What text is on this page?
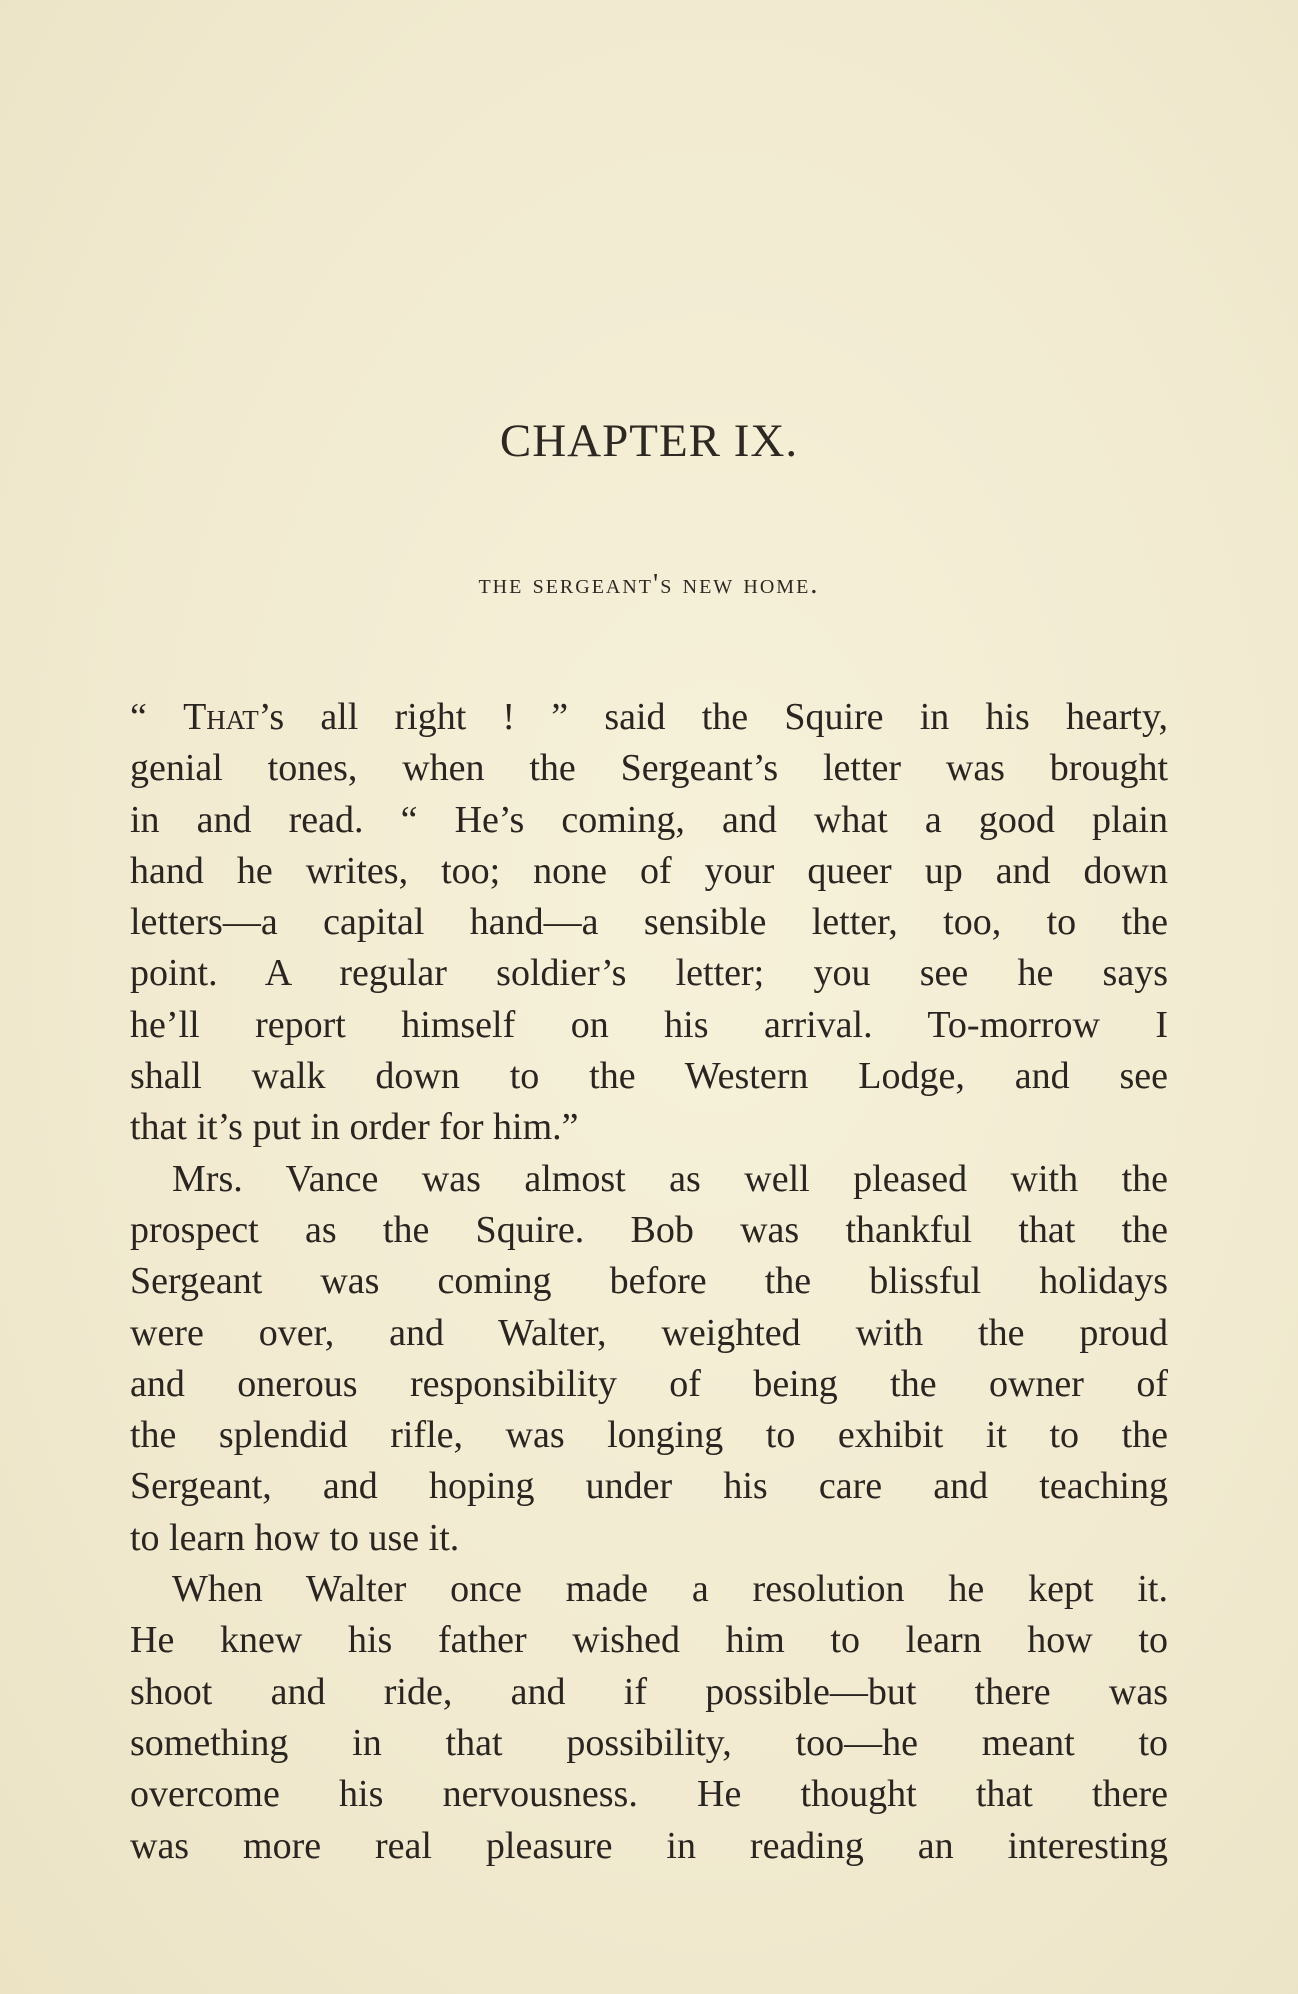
CHAPTER IX.
the sergeant's new home.
“ That’s all right ! ” said the Squire in his hearty,
genial tones, when the Sergeant’s letter was brought
in and read. “ He’s coming, and what a good plain
hand he writes, too; none of your queer up and down
letters—a capital hand—a sensible letter, too, to the
point. A regular soldier’s letter; you see he says
he’ll report himself on his arrival. To-morrow I
shall walk down to the Western Lodge, and see
that it’s put in order for him.”
Mrs. Vance was almost as well pleased with the
prospect as the Squire. Bob was thankful that the
Sergeant was coming before the blissful holidays
were over, and Walter, weighted with the proud
and onerous responsibility of being the owner of
the splendid rifle, was longing to exhibit it to the
Sergeant, and hoping under his care and teaching
to learn how to use it.
When Walter once made a resolution he kept it.
He knew his father wished him to learn how to
shoot and ride, and if possible—but there was
something in that possibility, too—he meant to
overcome his nervousness. He thought that there
was more real pleasure in reading an interesting
